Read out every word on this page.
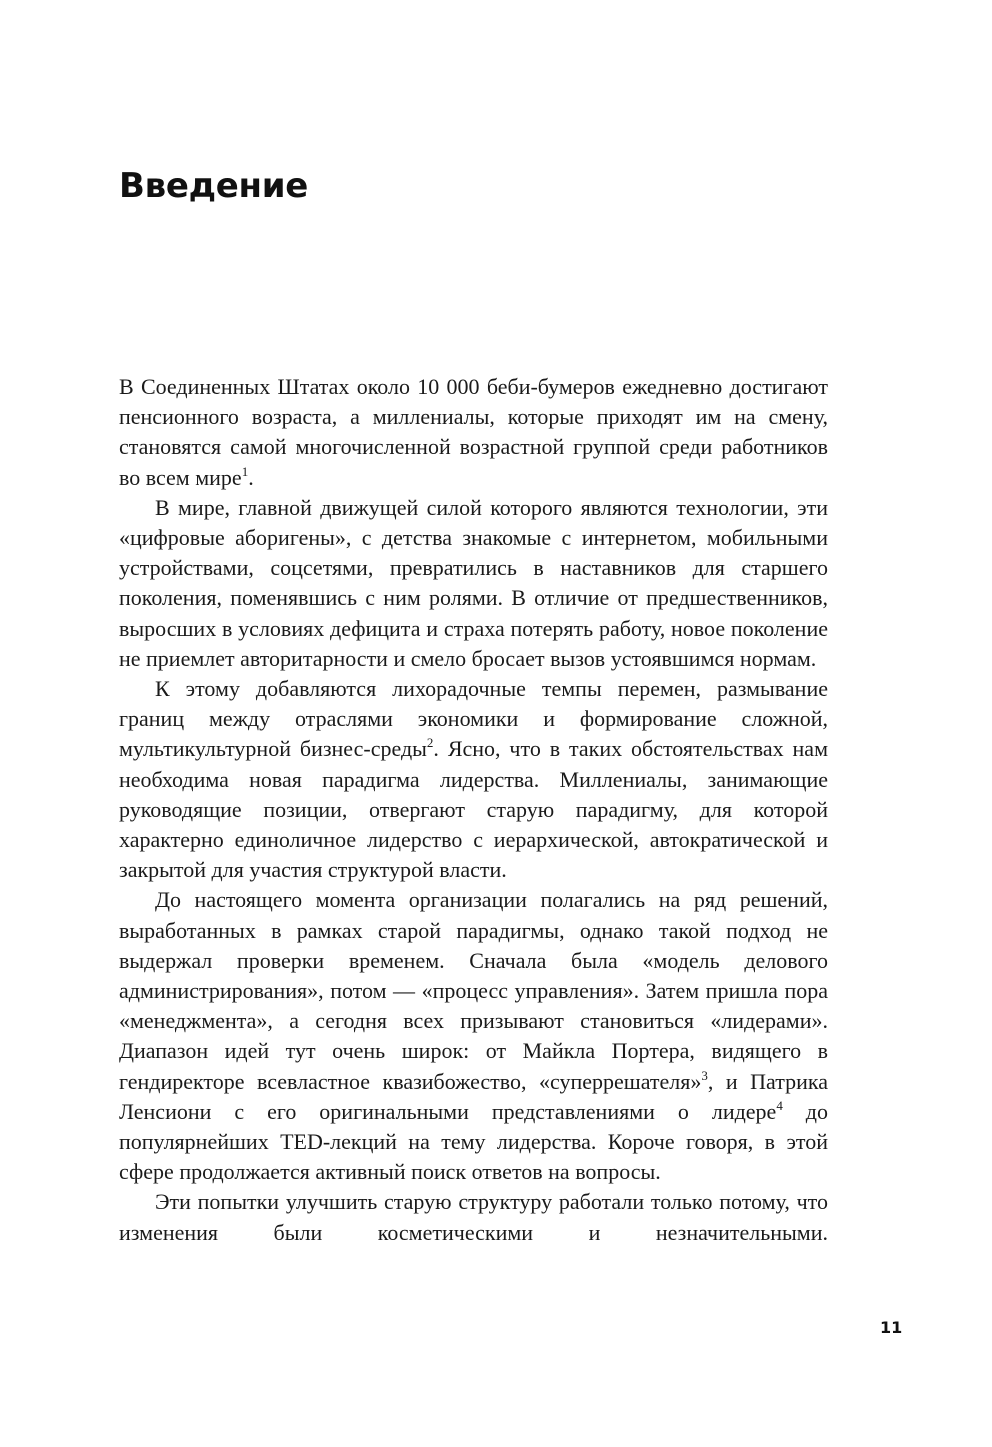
Введение

В Соединенных Штатах около 10 000 беби-бумеров ежедневно достигают пенсионного возраста, а миллениалы, которые приходят им на смену, становятся самой многочисленной возрастной группой среди работников во всем мире$^1$.

В мире, главной движущей силой которого являются технологии, эти «цифровые аборигены», с детства знакомые с интернетом, мобильными устройствами, соцсетями, превратились в наставников для старшего поколения, поменявшись с ним ролями. В отличие от предшественников, выросших в условиях дефицита и страха потерять работу, новое поколение не приемлет авторитарности и смело бросает вызов устоявшимся нормам.

К этому добавляются лихорадочные темпы перемен, размывание границ между отраслями экономики и формирование сложной, мультикультурной бизнес-среды$^2$. Ясно, что в таких обстоятельствах нам необходима новая парадигма лидерства. Миллениалы, занимающие руководящие позиции, отвергают старую парадигму, для которой характерно единоличное лидерство с иерархической, автократической и закрытой для участия структурой власти.

До настоящего момента организации полагались на ряд решений, выработанных в рамках старой парадигмы, однако такой подход не выдержал проверки временем. Сначала была «модель делового администрирования», потом — «процесс управления». Затем пришла пора «менеджмента», а сегодня всех призывают становиться «лидерами». Диапазон идей тут очень широк: от Майкла Портера, видящего в гендиректоре всевластное квазибожество, «суперрешателя»$^3$, и Патрика Ленсиони с его оригинальными представлениями о лидере$^4$ до популярнейших TED-лекций на тему лидерства. Короче говоря, в этой сфере продолжается активный поиск ответов на вопросы.

Эти попытки улучшить старую структуру работали только потому, что изменения были косметическими и незначительными.

11
